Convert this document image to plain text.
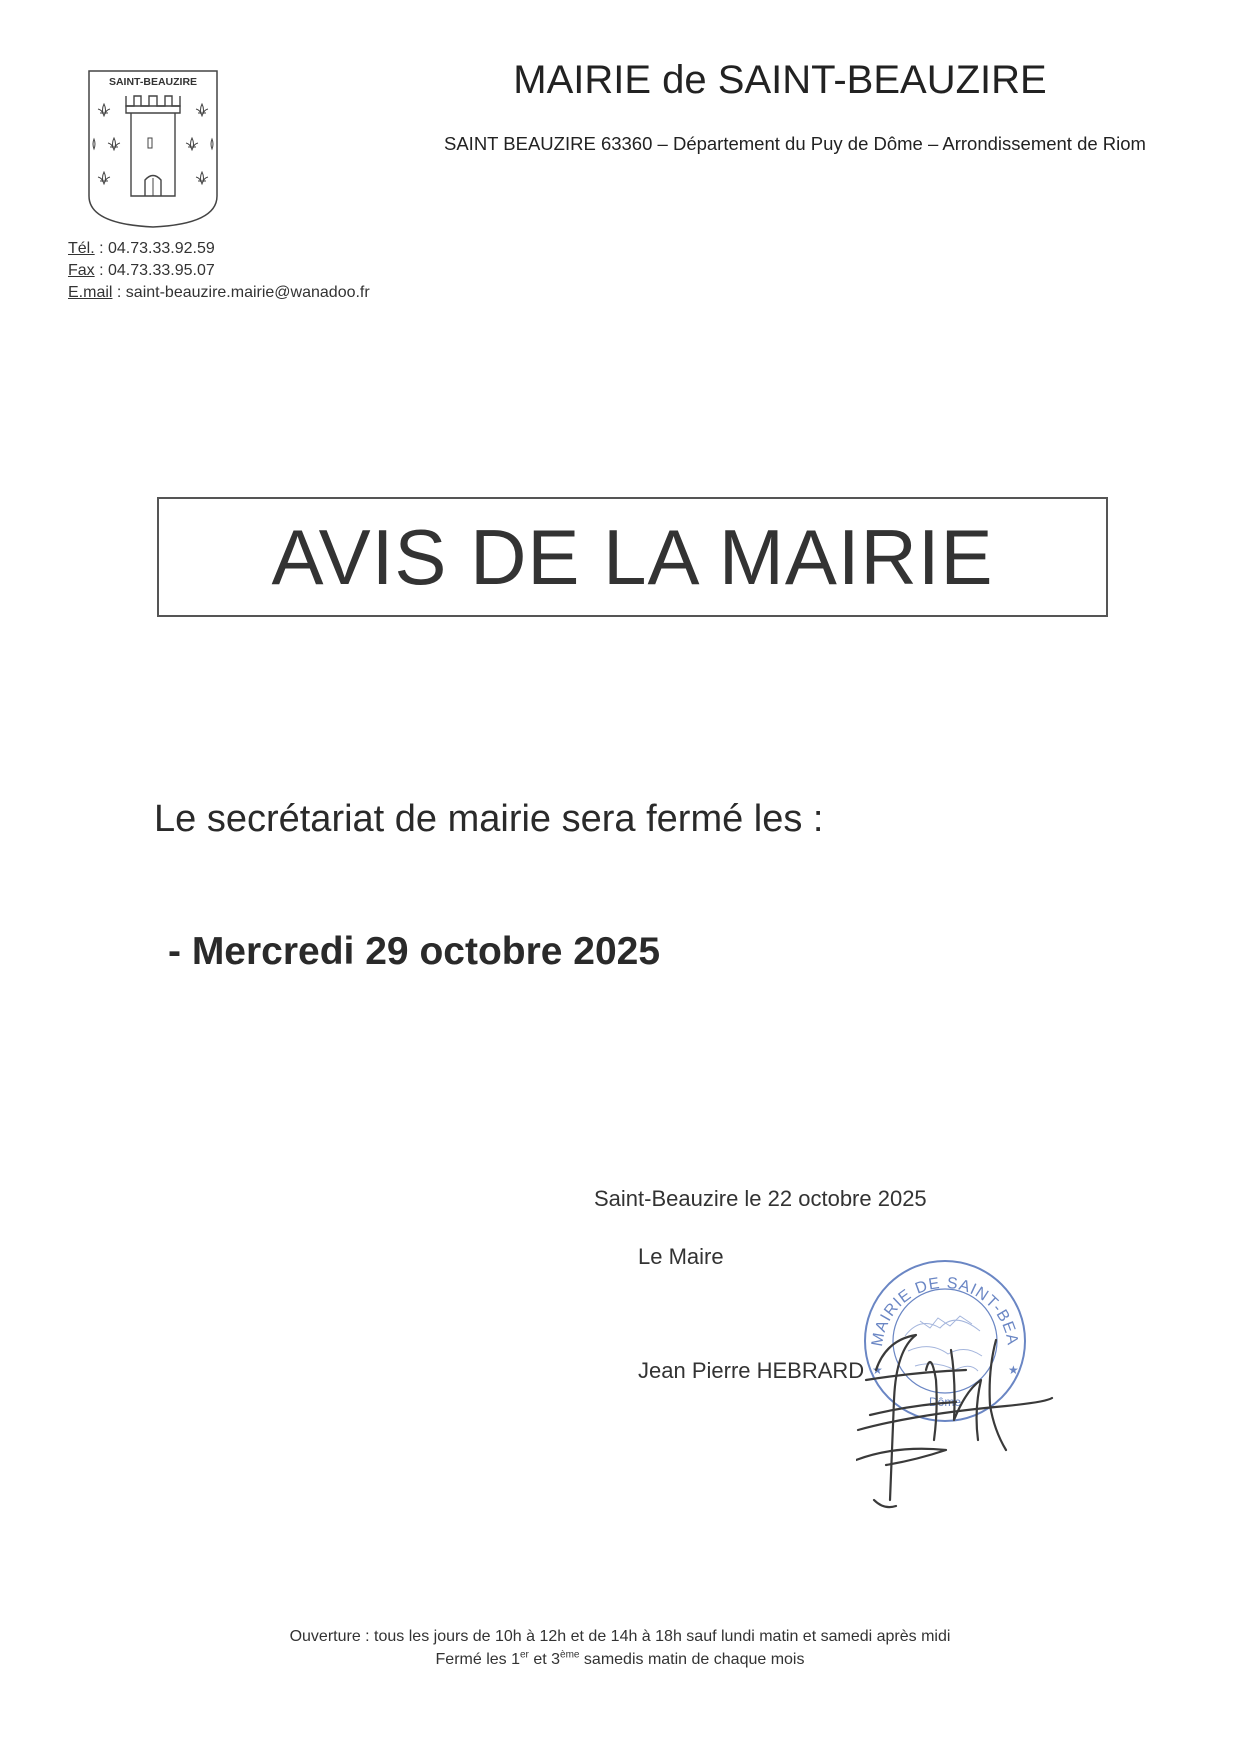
SAINT-BEAUZIRE	MAIRIE de SAINT-BEAUZIRE
SAINT BEAUZIRE 63360 – Département du Puy de Dôme – Arrondissement de Riom
Tél. : 04.73.33.92.59
Fax : 04.73.33.95.07
E.mail : saint-beauzire.mairie@wanadoo.fr
AVIS DE LA MAIRIE
Le secrétariat de mairie sera fermé les :
- Mercredi 29 octobre 2025
Saint-Beauzire le 22 octobre 2025
Le Maire
MAIRIE DE SAINT-BEA
Dôme
★	★
Jean Pierre HEBRARD
Ouverture : tous les jours de 10h à 12h et de 14h à 18h sauf lundi matin et samedi après midi
Fermé les 1er et 3ème samedis matin de chaque mois
